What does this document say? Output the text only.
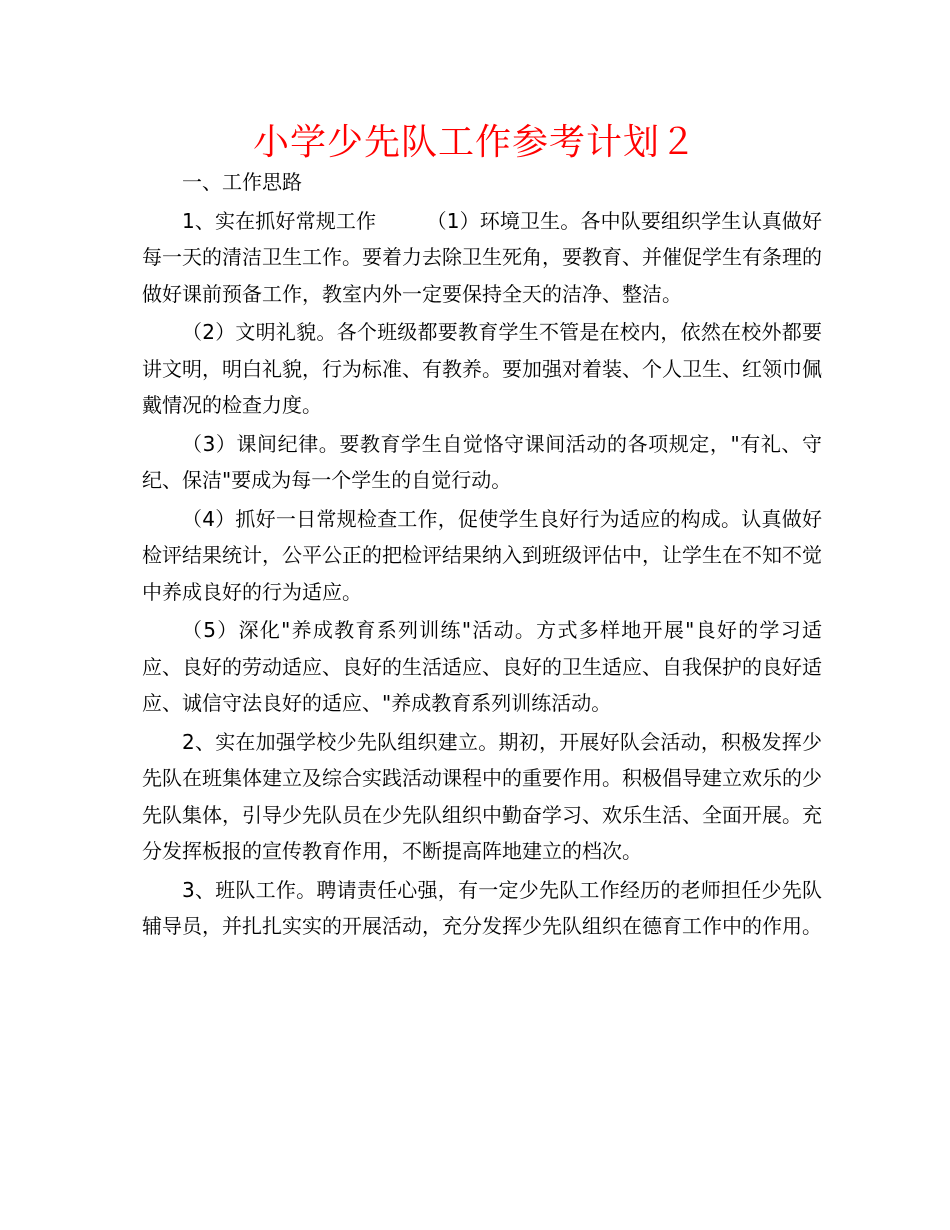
小学少先队工作参考计划２

一、工作思路

1、实在抓好常规工作　　　（1）环境卫生。各中队要组织学生认真做好每一天的清洁卫生工作。要着力去除卫生死角，要教育、并催促学生有条理的做好课前预备工作，教室内外一定要保持全天的洁净、整洁。

（2）文明礼貌。各个班级都要教育学生不管是在校内，依然在校外都要讲文明，明白礼貌，行为标准、有教养。要加强对着装、个人卫生、红领巾佩戴情况的检查力度。

（3）课间纪律。要教育学生自觉恪守课间活动的各项规定，"有礼、守纪、保洁"要成为每一个学生的自觉行动。

（4）抓好一日常规检查工作，促使学生良好行为适应的构成。认真做好检评结果统计，公平公正的把检评结果纳入到班级评估中，让学生在不知不觉中养成良好的行为适应。

（5）深化"养成教育系列训练"活动。方式多样地开展"良好的学习适应、良好的劳动适应、良好的生活适应、良好的卫生适应、自我保护的良好适应、诚信守法良好的适应、"养成教育系列训练活动。

2、实在加强学校少先队组织建立。期初，开展好队会活动，积极发挥少先队在班集体建立及综合实践活动课程中的重要作用。积极倡导建立欢乐的少先队集体，引导少先队员在少先队组织中勤奋学习、欢乐生活、全面开展。充分发挥板报的宣传教育作用，不断提高阵地建立的档次。

3、班队工作。聘请责任心强，有一定少先队工作经历的老师担任少先队辅导员，并扎扎实实的开展活动，充分发挥少先队组织在德育工作中的作用。
